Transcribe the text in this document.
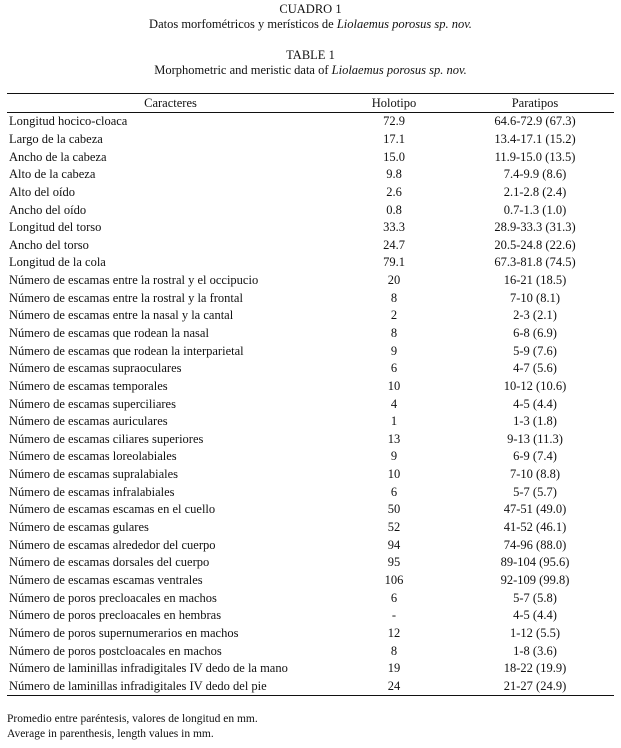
CUADRO 1
Datos morfométricos y merísticos de Liolaemus porosus sp. nov.
TABLE 1
Morphometric and meristic data of Liolaemus porosus sp. nov.
Caracteres	Holotipo	Paratipos
Longitud hocico-cloaca	72.9	64.6-72.9 (67.3)
Largo de la cabeza	17.1	13.4-17.1 (15.2)
Ancho de la cabeza	15.0	11.9-15.0 (13.5)
Alto de la cabeza	9.8	7.4-9.9 (8.6)
Alto del oído	2.6	2.1-2.8 (2.4)
Ancho del oído	0.8	0.7-1.3 (1.0)
Longitud del torso	33.3	28.9-33.3 (31.3)
Ancho del torso	24.7	20.5-24.8 (22.6)
Longitud de la cola	79.1	67.3-81.8 (74.5)
Número de escamas entre la rostral y el occipucio	20	16-21 (18.5)
Número de escamas entre la rostral y la frontal	8	7-10 (8.1)
Número de escamas entre la nasal y la cantal	2	2-3 (2.1)
Número de escamas que rodean la nasal	8	6-8 (6.9)
Número de escamas que rodean la interparietal	9	5-9 (7.6)
Número de escamas supraoculares	6	4-7 (5.6)
Número de escamas temporales	10	10-12 (10.6)
Número de escamas superciliares	4	4-5 (4.4)
Número de escamas auriculares	1	1-3 (1.8)
Número de escamas ciliares superiores	13	9-13 (11.3)
Número de escamas loreolabiales	9	6-9 (7.4)
Número de escamas supralabiales	10	7-10 (8.8)
Número de escamas infralabiales	6	5-7 (5.7)
Número de escamas escamas en el cuello	50	47-51 (49.0)
Número de escamas gulares	52	41-52 (46.1)
Número de escamas alrededor del cuerpo	94	74-96 (88.0)
Número de escamas dorsales del cuerpo	95	89-104 (95.6)
Número de escamas escamas ventrales	106	92-109 (99.8)
Número de poros precloacales en machos	6	5-7 (5.8)
Número de poros precloacales en hembras	-	4-5 (4.4)
Número de poros supernumerarios en machos	12	1-12 (5.5)
Número de poros postcloacales en machos	8	1-8 (3.6)
Número de laminillas infradigitales IV dedo de la mano	19	18-22 (19.9)
Número de laminillas infradigitales IV dedo del pie	24	21-27 (24.9)
Promedio entre paréntesis, valores de longitud en mm.
Average in parenthesis, length values in mm.
